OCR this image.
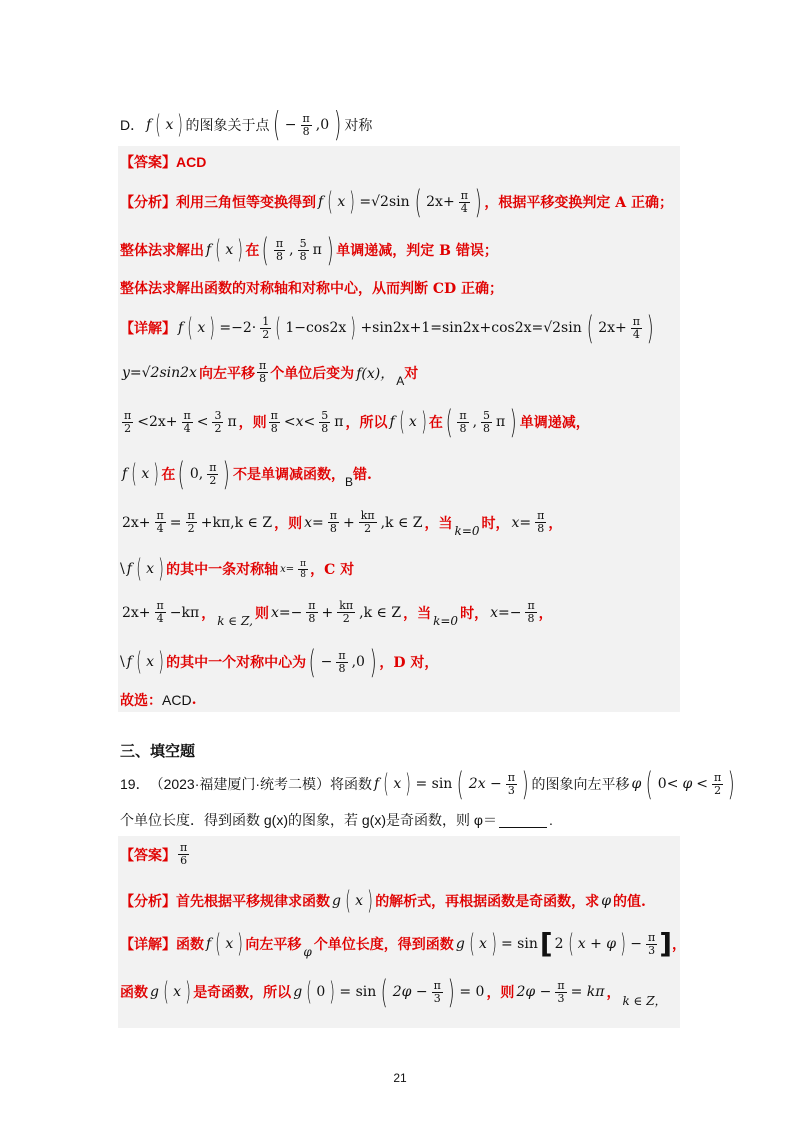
D． f ( x ) 的图象关于点 ( − $\frac{\pi}{8} ,0$ ) 对称
【答案】 ACD
【分析】 利用三角恒等变换得到 f ( x ) =√2sin ( $2x+ \frac{\pi}{4}$ ) ，根据平移变换判定 A 正确；
整体法求解出 f ( x ) 在 ( $\frac{\pi}{8}$ , $\frac{5}{8}$ π ) 单调递减，判定 B 错误；
整体法求解出函数的对称轴和对称中心，从而判断 CD 正确；
【详解】 f ( x ) $=-2\cdot \frac{1}{2}$ ( 1−cos2x ) +sin2x+1=sin2x+cos2x=√2sin ( $2x+ \frac{\pi}{4}$ )
y=√2sin2x 向左平移 $\frac{\pi}{8}$ 个单位后变为 f(x)， A 对
$\frac{\pi}{2} <2x+ \frac{\pi}{4} < \frac{3}{2}$ π ，则 $\frac{\pi}{8} <x< \frac{5}{8}$ π ，所以 f ( x ) 在 ( $\frac{\pi}{8}$ , $\frac{5}{8}$ π ) 单调递减，
f ( x ) 在 ( 0, $\frac{\pi}{2}$ ) 不是单调减函数， B 错.
$2x+ \frac{\pi}{4} = \frac{\pi}{2} +k\pi,k$ ∈ Z ，则 $x= \frac{\pi}{8} + \frac{k\pi}{2} ,k$ ∈ Z ，当 k=0 时， $x= \frac{\pi}{8}$ ，
\ f ( x ) 的其中一条对称轴 $x= \frac{\pi}{8}$ ，C 对
$2x+ \frac{\pi}{4} -k\pi$ ， k ∈ Z, 则 $x=- \frac{\pi}{8} + \frac{k\pi}{2} ,k$ ∈ Z ，当 k=0 时， $x=- \frac{\pi}{8}$ ，
\ f ( x ) 的其中一个对称中心为 ( − $\frac{\pi}{8} ,0$ ) ，D 对，
故选： ACD .
三、填空题
19． （2023·福建厦门·统考二模）将函数 f ( x ) = sin ( $2x - \frac{\pi}{3}$ ) 的图象向左平移 φ ( $0< \varphi < \frac{\pi}{2}$ )
个单位长度．得到函数 g(x)的图象，若 g(x)是奇函数，则 φ＝	.
【答案】 $\frac{\pi}{6}$
【分析】 首先根据平移规律求函数 g ( x ) 的解析式，再根据函数是奇函数，求 φ 的值.
【详解】 函数 f ( x ) 向左平移 φ 个单位长度，得到函数 g ( x ) = sin [ 2 ( x + φ ) − $\frac{\pi}{3}$ ] ，
函数 g ( x ) 是奇函数，所以 g ( 0 ) = sin ( $2\varphi - \frac{\pi}{3}$ ) = 0 ，则 $2\varphi - \frac{\pi}{3} = k\pi$ ， k ∈ Z，
21
